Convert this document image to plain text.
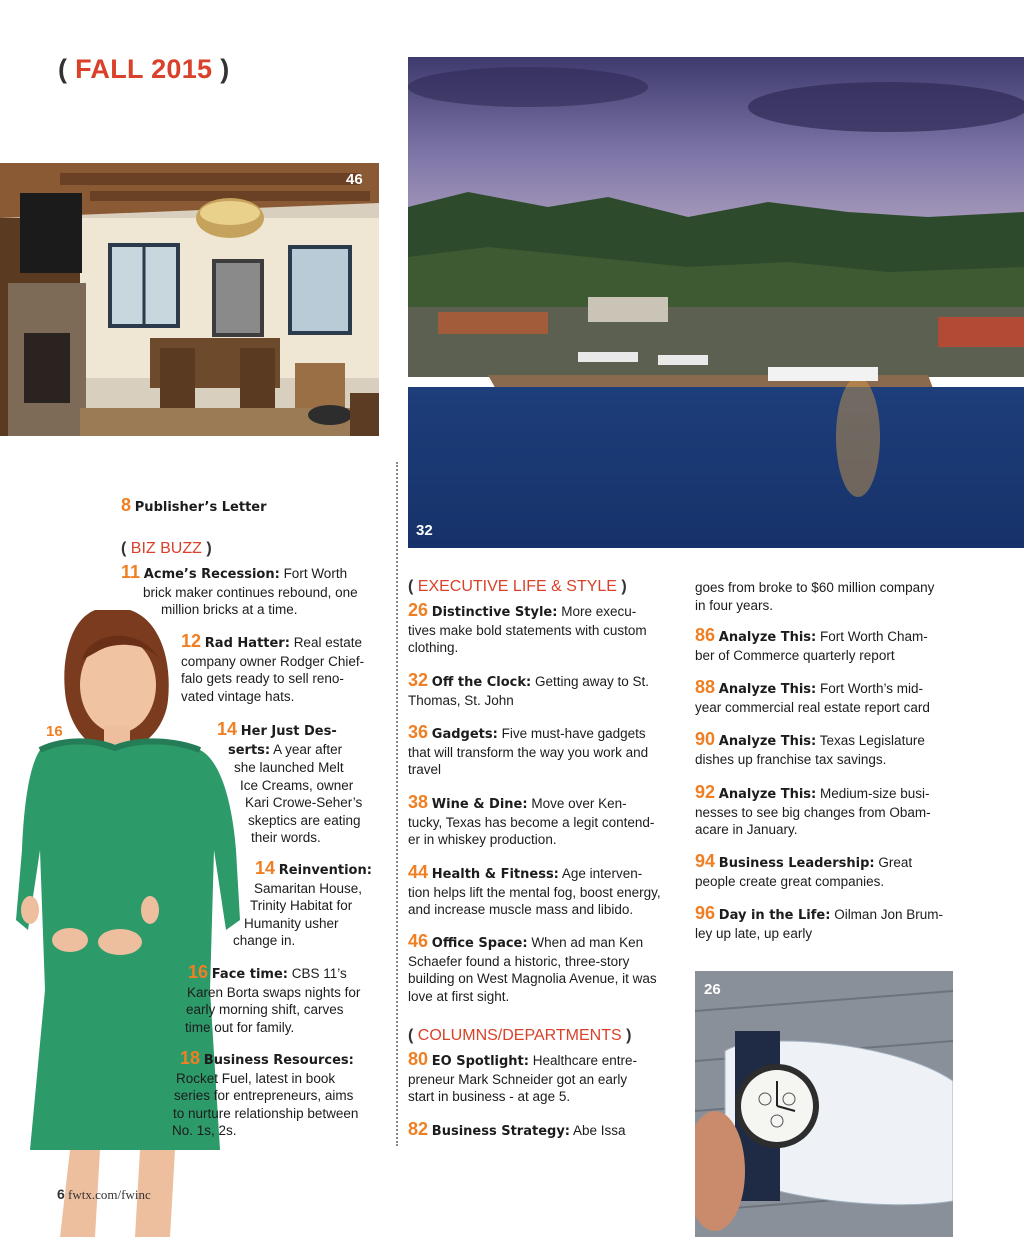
( FALL 2015 )
46
32
16
26
8 Publisher’s Letter
( BIZ BUZZ )
11 Acme’s Recession: Fort Worth
brick maker continues rebound, one
million bricks at a time.
12 Rad Hatter: Real estate
company owner Rodger Chief-
falo gets ready to sell reno-
vated vintage hats.
14 Her Just Des-
serts: A year after
she launched Melt
Ice Creams, owner
Kari Crowe-Seher’s
skeptics are eating
their words.
14 Reinvention:
Samaritan House,
Trinity Habitat for
Humanity usher
change in.
16 Face time: CBS 11’s
Karen Borta swaps nights for
early morning shift, carves
time out for family.
18 Business Resources:
Rocket Fuel, latest in book
series for entrepreneurs, aims
to nurture relationship between
No. 1s, 2s.
( EXECUTIVE LIFE & STYLE )
26 Distinctive Style: More execu-
tives make bold statements with custom
clothing.
32 Off the Clock: Getting away to St.
Thomas, St. John
36 Gadgets: Five must-have gadgets
that will transform the way you work and
travel
38 Wine & Dine: Move over Ken-
tucky, Texas has become a legit contend-
er in whiskey production.
44 Health & Fitness: Age interven-
tion helps lift the mental fog, boost energy,
and increase muscle mass and libido.
46 Office Space: When ad man Ken
Schaefer found a historic, three-story
building on West Magnolia Avenue, it was
love at first sight.
( COLUMNS/DEPARTMENTS )
80 EO Spotlight: Healthcare entre-
preneur Mark Schneider got an early
start in business - at age 5.
82 Business Strategy: Abe Issa
goes from broke to $60 million company
in four years.
86 Analyze This: Fort Worth Cham-
ber of Commerce quarterly report
88 Analyze This: Fort Worth’s mid-
year commercial real estate report card
90 Analyze This: Texas Legislature
dishes up franchise tax savings.
92 Analyze This: Medium-size busi-
nesses to see big changes from Obam-
acare in January.
94 Business Leadership: Great
people create great companies.
96 Day in the Life: Oilman Jon Brum-
ley up late, up early
6 fwtx.com/fwinc
